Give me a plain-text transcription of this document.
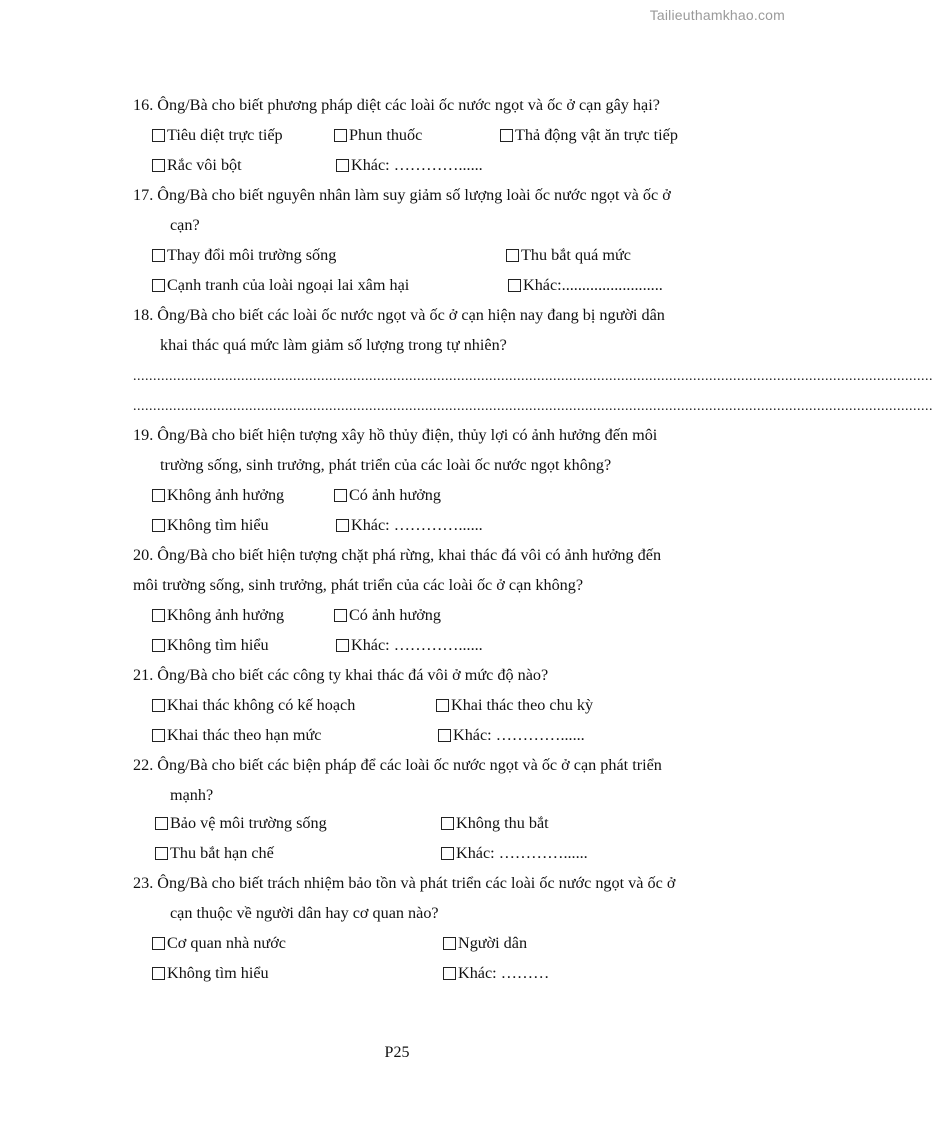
Tailieuthamkhao.com
16. Ông/Bà cho biết phương pháp diệt các loài ốc nước ngọt và ốc ở cạn gây hại?
Tiêu diệt trực tiếp	Phun thuốc	Thả động vật ăn trực tiếp
Rắc vôi bột	Khác: …………......
17. Ông/Bà cho biết nguyên nhân làm suy giảm số lượng loài ốc nước ngọt và ốc ở
cạn?
Thay đổi môi trường sống	Thu bắt quá mức
Cạnh tranh của loài ngoại lai xâm hại	Khác:.........................
18. Ông/Bà cho biết các loài ốc nước ngọt và ốc ở cạn hiện nay đang bị người dân
khai thác quá mức làm giảm số lượng trong tự nhiên?
........................................................................................................................................................................................................
........................................................................................................................................................................................................
19. Ông/Bà cho biết hiện tượng xây hồ thủy điện, thủy lợi có ảnh hưởng đến môi
trường sống, sinh trưởng, phát triển của các loài ốc nước ngọt không?
Không ảnh hưởng	Có ảnh hưởng
Không tìm hiểu	Khác: …………......
20. Ông/Bà cho biết hiện tượng chặt phá rừng, khai thác đá vôi có ảnh hưởng đến
môi trường sống, sinh trưởng, phát triển của các loài ốc ở cạn không?
Không ảnh hưởng	Có ảnh hưởng
Không tìm hiểu	Khác: …………......
21. Ông/Bà cho biết các công ty khai thác đá vôi ở mức độ nào?
Khai thác không có kế hoạch	Khai thác theo chu kỳ
Khai thác theo hạn mức	Khác: …………......
22. Ông/Bà cho biết các biện pháp để các loài ốc nước ngọt và ốc ở cạn phát triển
mạnh?
Bảo vệ môi trường sống	Không thu bắt
Thu bắt hạn chế	Khác: …………......
23. Ông/Bà cho biết trách nhiệm bảo tồn và phát triển các loài ốc nước ngọt và ốc ở
cạn thuộc về người dân hay cơ quan nào?
Cơ quan nhà nước	Người dân
Không tìm hiểu	Khác: ………
P25
